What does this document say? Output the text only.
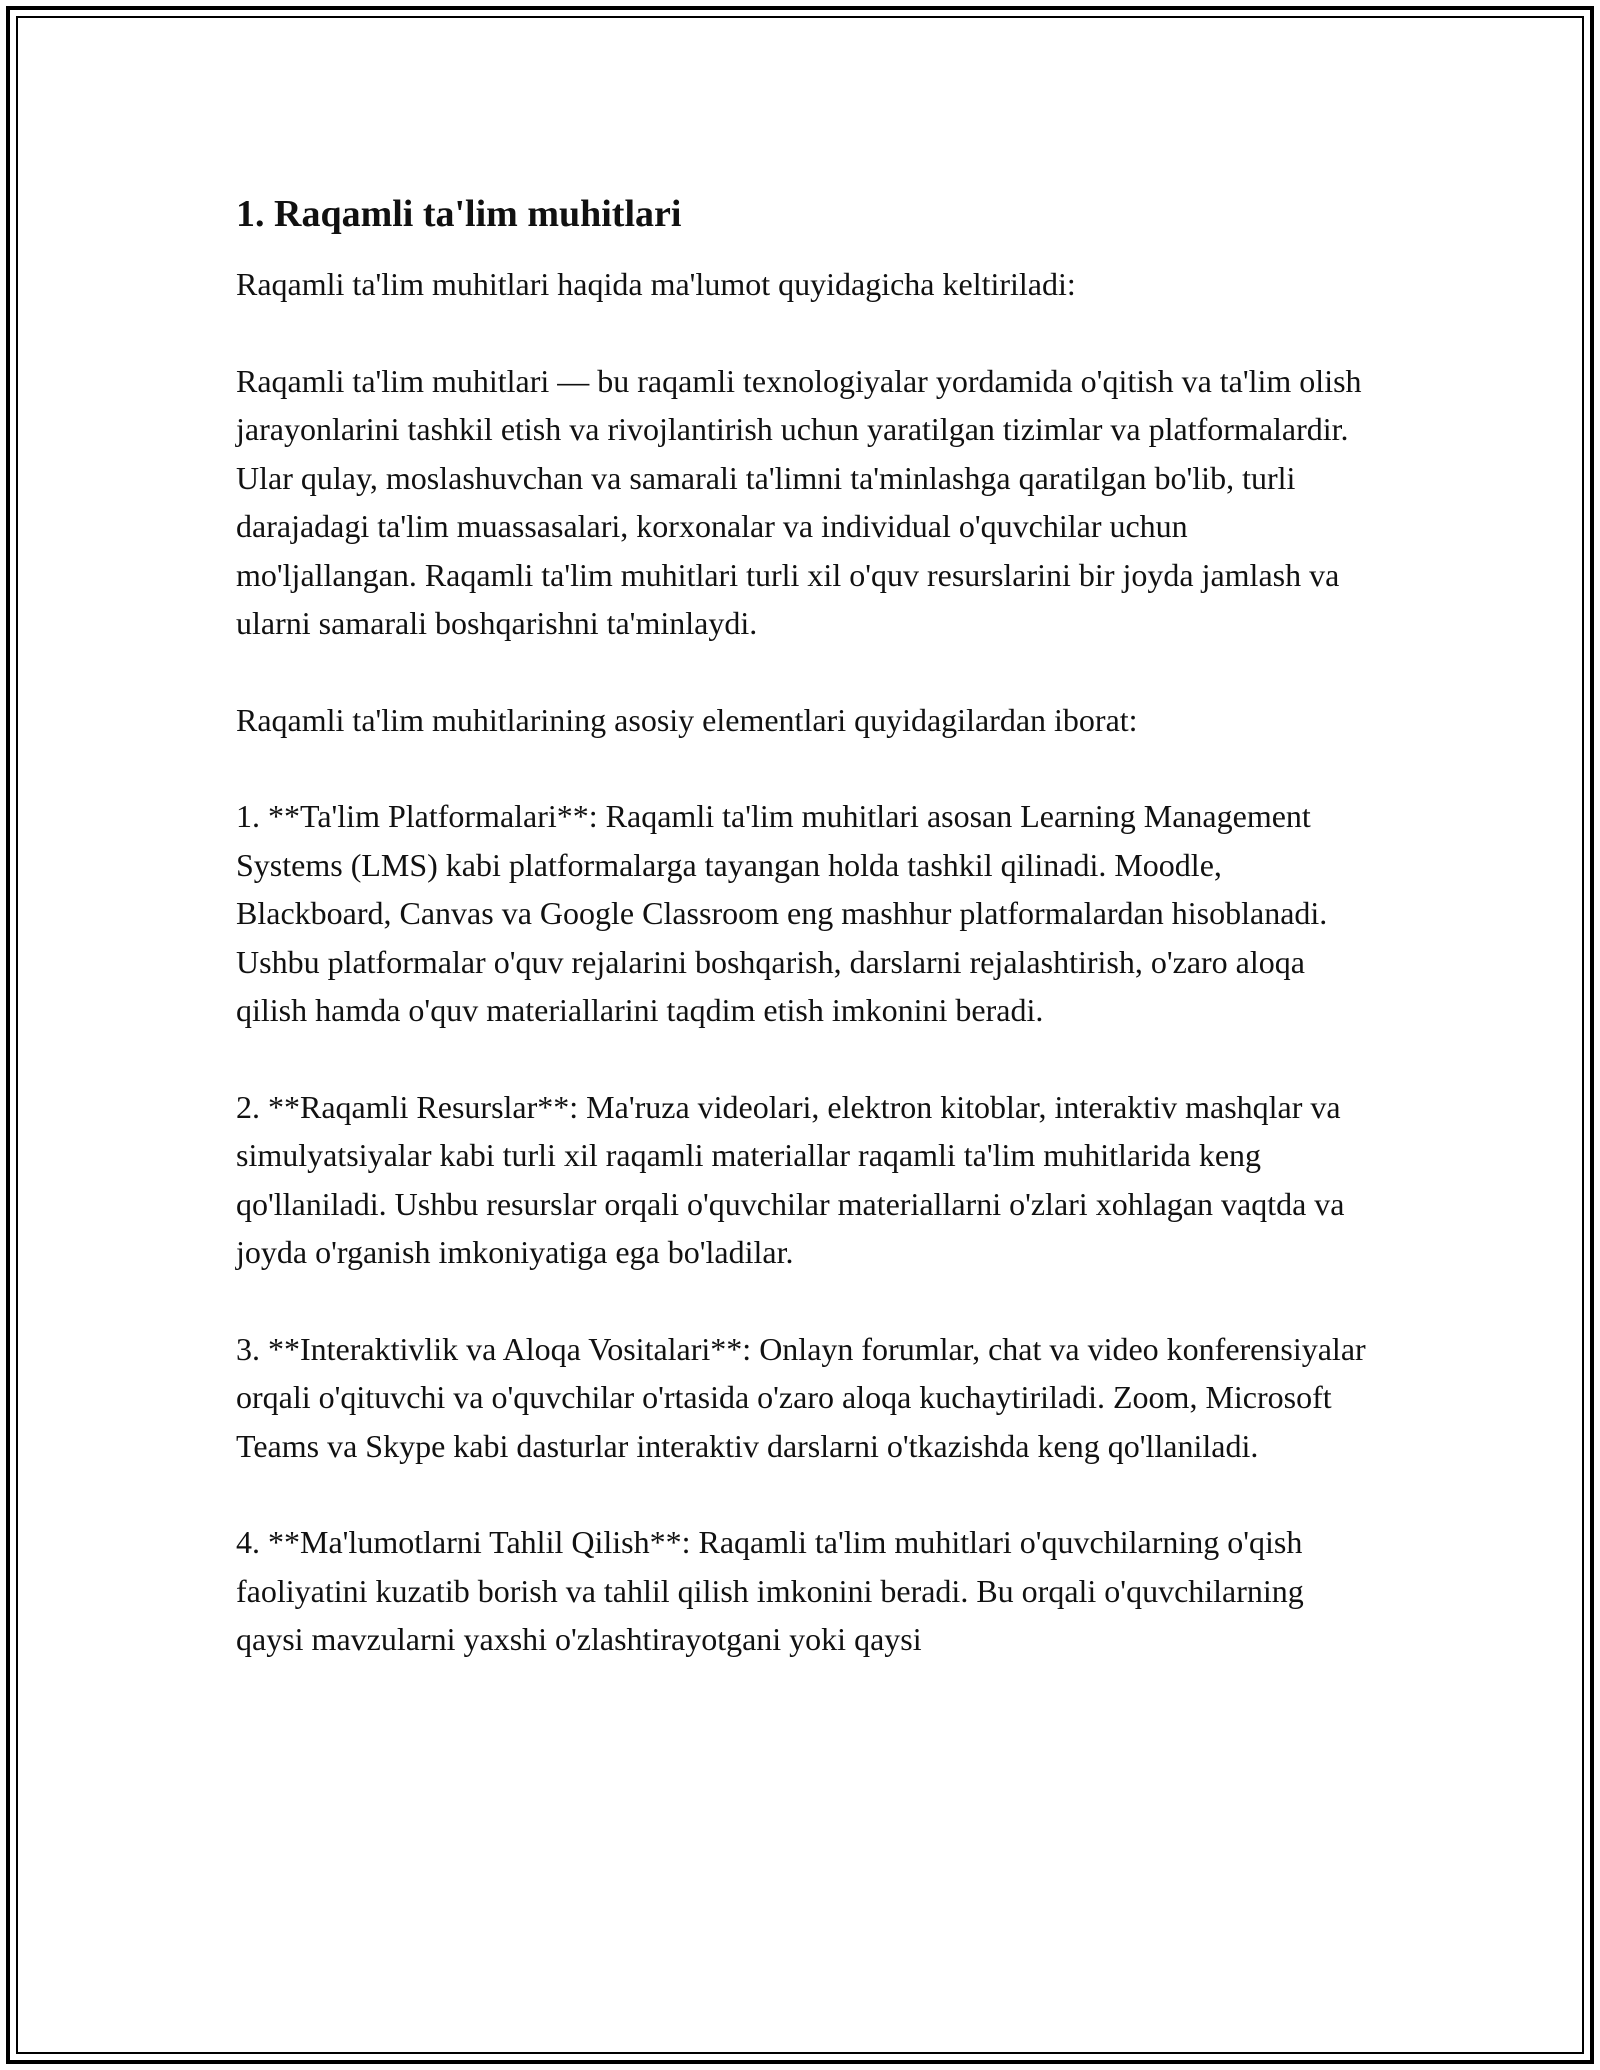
1. Raqamli ta'lim muhitlari

Raqamli ta'lim muhitlari haqida ma'lumot quyidagicha keltiriladi:

Raqamli ta'lim muhitlari — bu raqamli texnologiyalar yordamida o'qitish va ta'lim olish jarayonlarini tashkil etish va rivojlantirish uchun yaratilgan tizimlar va platformalardir. Ular qulay, moslashuvchan va samarali ta'limni ta'minlashga qaratilgan bo'lib, turli darajadagi ta'lim muassasalari, korxonalar va individual o'quvchilar uchun mo'ljallangan. Raqamli ta'lim muhitlari turli xil o'quv resurslarini bir joyda jamlash va ularni samarali boshqarishni ta'minlaydi.

Raqamli ta'lim muhitlarining asosiy elementlari quyidagilardan iborat:

1. **Ta'lim Platformalari**: Raqamli ta'lim muhitlari asosan Learning Management Systems (LMS) kabi platformalarga tayangan holda tashkil qilinadi. Moodle, Blackboard, Canvas va Google Classroom eng mashhur platformalardan hisoblanadi. Ushbu platformalar o'quv rejalarini boshqarish, darslarni rejalashtirish, o'zaro aloqa qilish hamda o'quv materiallarini taqdim etish imkonini beradi.

2. **Raqamli Resurslar**: Ma'ruza videolari, elektron kitoblar, interaktiv mashqlar va simulyatsiyalar kabi turli xil raqamli materiallar raqamli ta'lim muhitlarida keng qo'llaniladi. Ushbu resurslar orqali o'quvchilar materiallarni o'zlari xohlagan vaqtda va joyda o'rganish imkoniyatiga ega bo'ladilar.

3. **Interaktivlik va Aloqa Vositalari**: Onlayn forumlar, chat va video konferensiyalar orqali o'qituvchi va o'quvchilar o'rtasida o'zaro aloqa kuchaytiriladi. Zoom, Microsoft Teams va Skype kabi dasturlar interaktiv darslarni o'tkazishda keng qo'llaniladi.

4. **Ma'lumotlarni Tahlil Qilish**: Raqamli ta'lim muhitlari o'quvchilarning o'qish faoliyatini kuzatib borish va tahlil qilish imkonini beradi. Bu orqali o'quvchilarning qaysi mavzularni yaxshi o'zlashtirayotgani yoki qaysi
